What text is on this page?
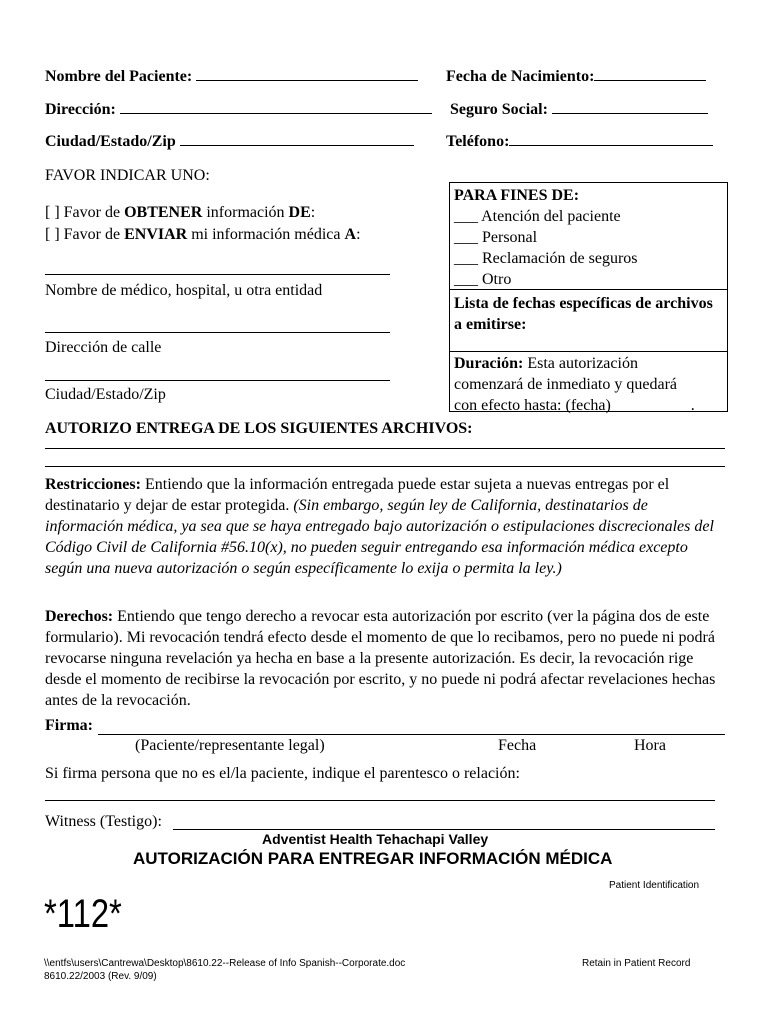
Nombre del Paciente:	Fecha de Nacimiento:
Dirección:	Seguro Social:
Ciudad/Estado/Zip	Teléfono:
FAVOR INDICAR UNO:
[ ] Favor de OBTENER información DE:
[ ] Favor de ENVIAR mi información médica A:
Nombre de médico, hospital, u otra entidad
Dirección de calle
Ciudad/Estado/Zip
PARA FINES DE:
___ Atención del paciente
___ Personal
___ Reclamación de seguros
___ Otro
Lista de fechas específicas de archivos a emitirse:
Duración: Esta autorización
comenzará de inmediato y quedará
con efecto hasta: (fecha)__________.
AUTORIZO ENTREGA DE LOS SIGUIENTES ARCHIVOS:
Restricciones: Entiendo que la información entregada puede estar sujeta a nuevas entregas por el destinatario y dejar de estar protegida. (Sin embargo, según ley de California, destinatarios de información médica, ya sea que se haya entregado bajo autorización o estipulaciones discrecionales del Código Civil de California #56.10(x), no pueden seguir entregando esa información médica excepto según una nueva autorización o según específicamente lo exija o permita la ley.)
Derechos: Entiendo que tengo derecho a revocar esta autorización por escrito (ver la página dos de este formulario). Mi revocación tendrá efecto desde el momento de que lo recibamos, pero no puede ni podrá revocarse ninguna revelación ya hecha en base a la presente autorización. Es decir, la revocación rige desde el momento de recibirse la revocación por escrito, y no puede ni podrá afectar revelaciones hechas antes de la revocación.
Firma:
(Paciente/representante legal)	Fecha	Hora
Si firma persona que no es el/la paciente, indique el parentesco o relación:
Witness (Testigo):
Adventist Health Tehachapi Valley
AUTORIZACIÓN PARA ENTREGAR INFORMACIÓN MÉDICA
Patient Identification
*112*
\\entfs\users\Cantrewa\Desktop\8610.22--Release of Info Spanish--Corporate.doc
8610.22/2003 (Rev. 9/09)
Retain in Patient Record
